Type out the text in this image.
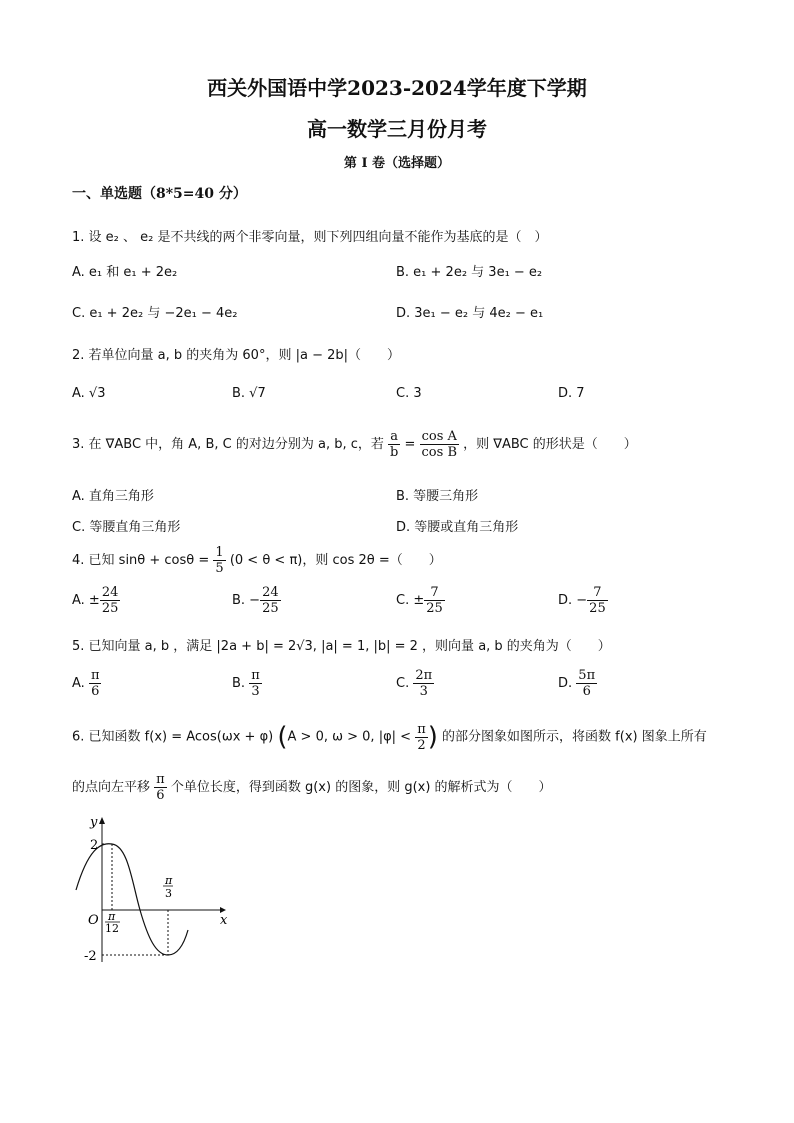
西关外国语中学2023-2024学年度下学期
高一数学三月份月考
第 I 卷（选择题）
一、单选题（8*5=40 分）
1. 设 e₂ 、 e₂ 是不共线的两个非零向量，则下列四组向量不能作为基底的是（　）
A. e₁ 和 e₁ + 2e₂	B. e₁ + 2e₂ 与 3e₁ − e₂
C. e₁ + 2e₂ 与 −2e₁ − 4e₂	D. 3e₁ − e₂ 与 4e₂ − e₁
2. 若单位向量 a, b 的夹角为 60°，则 |a − 2b|（　　）
A. √3	B. √7	C. 3	D. 7
3. 在 ∇ABC 中，角 A, B, C 的对边分别为 a, b, c，若 $\frac{a}{b} = \frac{\text{cos A}}{\text{cos B}}$ ，则 ∇ABC 的形状是（　　）
A. 直角三角形	B. 等腰三角形
C. 等腰直角三角形	D. 等腰或直角三角形
4. 已知 $\sin\theta + \cos\theta = \frac{1}{5} (0 < \theta < \pi)$，则 cos 2θ =（　　）
A. ± $\frac{24}{25}$	B. − $\frac{24}{25}$	C. ± $\frac{7}{25}$	D. − $\frac{7}{25}$
5. 已知向量 a, b ，满足 |2a + b| = 2√3, |a| = 1, |b| = 2 ，则向量 a, b 的夹角为（　　）
A. $\frac{\pi}{6}$	B. $\frac{\pi}{3}$	C. $\frac{2\pi}{3}$	D. $\frac{5\pi}{6}$
6. 已知函数 f(x) = Acos(ωx + φ) (A > 0, ω > 0, $|\varphi| < \frac{\pi}{2}$ ) 的部分图象如图所示，将函数 f(x) 图象上所有
的点向左平移 $\frac{\pi}{6}$ 个单位长度，得到函数 g(x) 的图象，则 g(x) 的解析式为（　　）
y
x
O
2
-2
π
12
π
3
